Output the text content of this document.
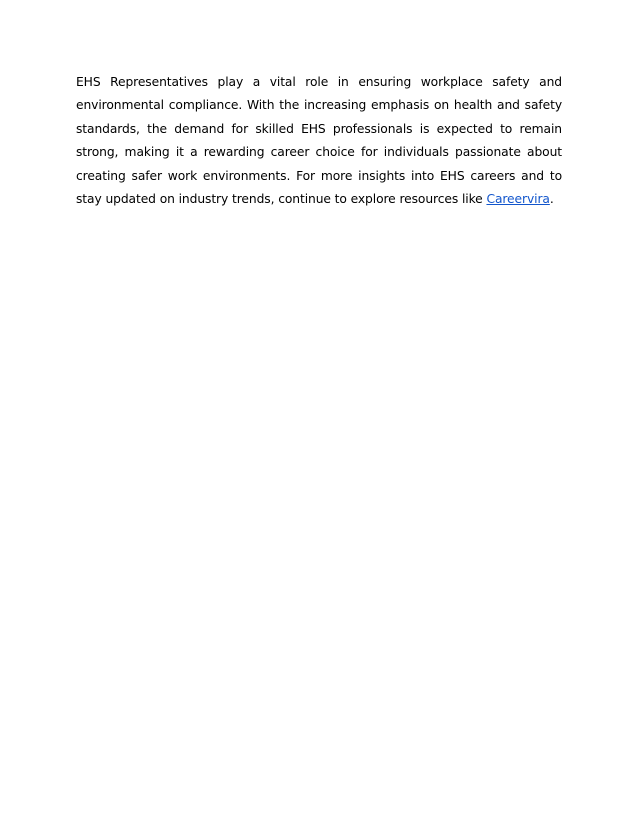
EHS Representatives play a vital role in ensuring workplace safety and environmental compliance. With the increasing emphasis on health and safety standards, the demand for skilled EHS professionals is expected to remain strong, making it a rewarding career choice for individuals passionate about creating safer work environments. For more insights into EHS careers and to stay updated on industry trends, continue to explore resources like Careervira.
